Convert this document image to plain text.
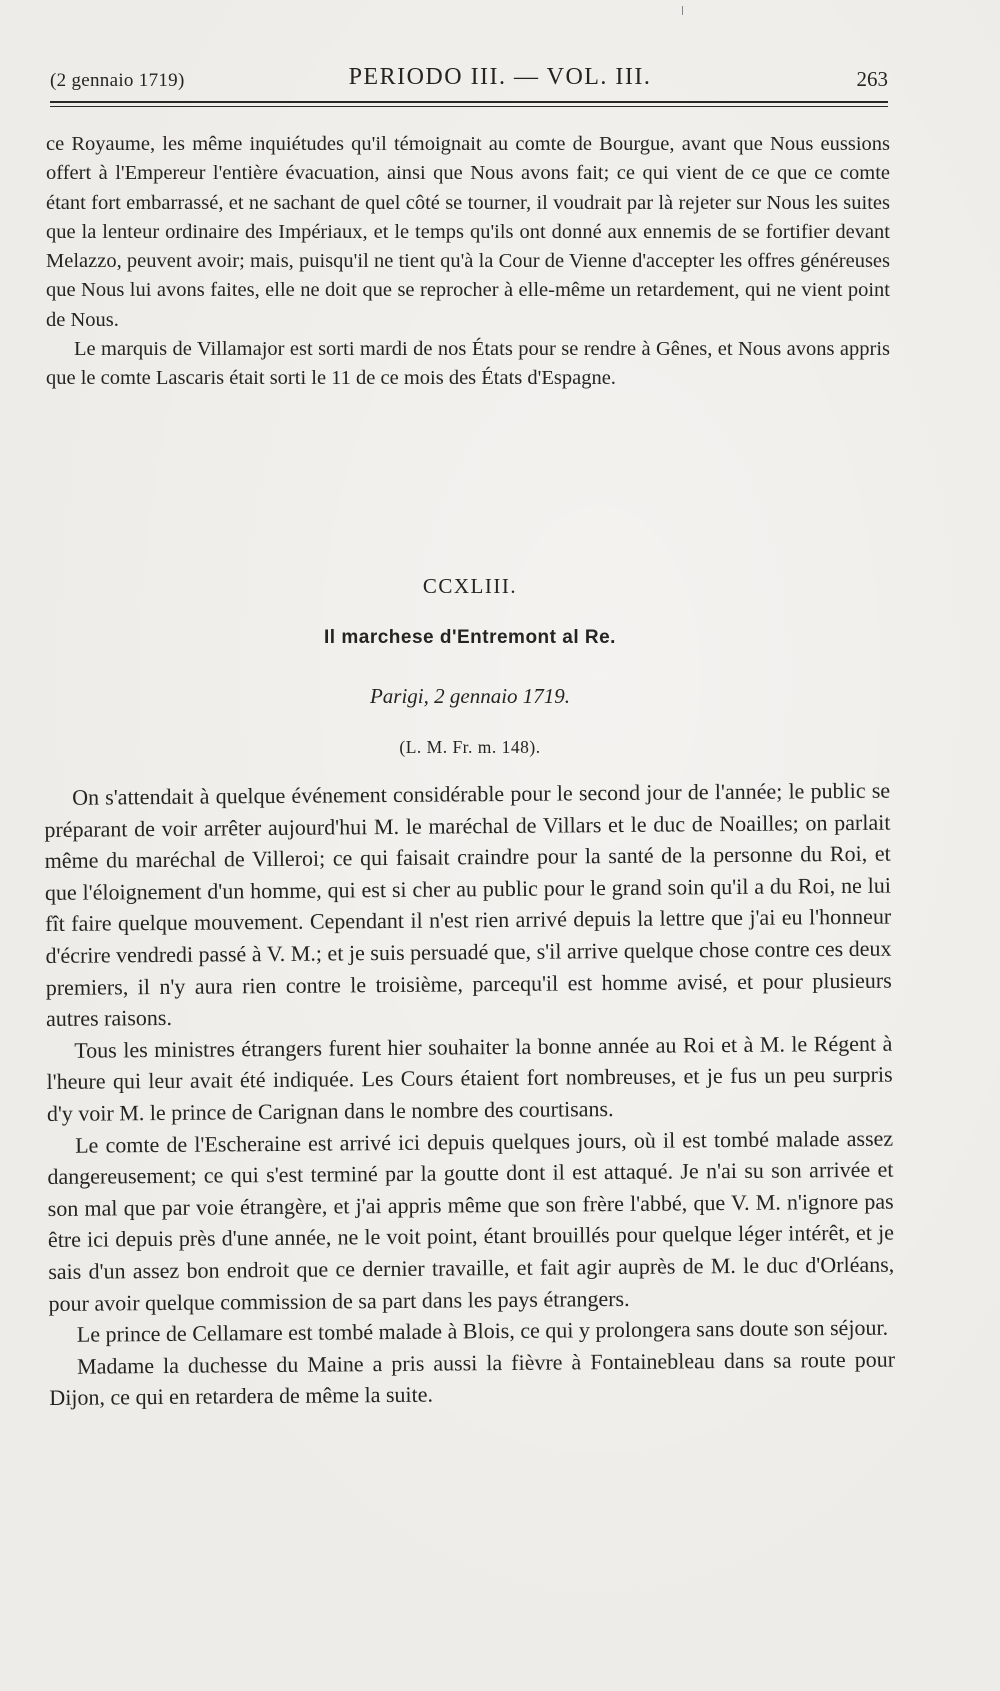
(2 gennaio 1719)	PERIODO III. — VOL. III.	263

ce Royaume, les même inquiétudes qu'il témoignait au comte de Bourgue, avant que Nous eussions offert à l'Empereur l'entière évacuation, ainsi que Nous avons fait; ce qui vient de ce que ce comte étant fort embarrassé, et ne sachant de quel côté se tourner, il voudrait par là rejeter sur Nous les suites que la lenteur ordinaire des Impériaux, et le temps qu'ils ont donné aux ennemis de se fortifier devant Melazzo, peuvent avoir; mais, puisqu'il ne tient qu'à la Cour de Vienne d'accepter les offres généreuses que Nous lui avons faites, elle ne doit que se reprocher à elle-même un retardement, qui ne vient point de Nous.

Le marquis de Villamajor est sorti mardi de nos États pour se rendre à Gênes, et Nous avons appris que le comte Lascaris était sorti le 11 de ce mois des États d'Espagne.

CCXLIII.
Il marchese d'Entremont al Re.
Parigi, 2 gennaio 1719.
(L. M. Fr. m. 148).

On s'attendait à quelque événement considérable pour le second jour de l'année; le public se préparant de voir arrêter aujourd'hui M. le maréchal de Villars et le duc de Noailles; on parlait même du maréchal de Villeroi; ce qui faisait craindre pour la santé de la personne du Roi, et que l'éloignement d'un homme, qui est si cher au public pour le grand soin qu'il a du Roi, ne lui fît faire quelque mouvement. Cependant il n'est rien arrivé depuis la lettre que j'ai eu l'honneur d'écrire vendredi passé à V. M.; et je suis persuadé que, s'il arrive quelque chose contre ces deux premiers, il n'y aura rien contre le troisième, parcequ'il est homme avisé, et pour plusieurs autres raisons.

Tous les ministres étrangers furent hier souhaiter la bonne année au Roi et à M. le Régent à l'heure qui leur avait été indiquée. Les Cours étaient fort nombreuses, et je fus un peu surpris d'y voir M. le prince de Carignan dans le nombre des courtisans.

Le comte de l'Escheraine est arrivé ici depuis quelques jours, où il est tombé malade assez dangereusement; ce qui s'est terminé par la goutte dont il est attaqué. Je n'ai su son arrivée et son mal que par voie étrangère, et j'ai appris même que son frère l'abbé, que V. M. n'ignore pas être ici depuis près d'une année, ne le voit point, étant brouillés pour quelque léger intérêt, et je sais d'un assez bon endroit que ce dernier travaille, et fait agir auprès de M. le duc d'Orléans, pour avoir quelque commission de sa part dans les pays étrangers.

Le prince de Cellamare est tombé malade à Blois, ce qui y prolongera sans doute son séjour.

Madame la duchesse du Maine a pris aussi la fièvre à Fontainebleau dans sa route pour Dijon, ce qui en retardera de même la suite.
